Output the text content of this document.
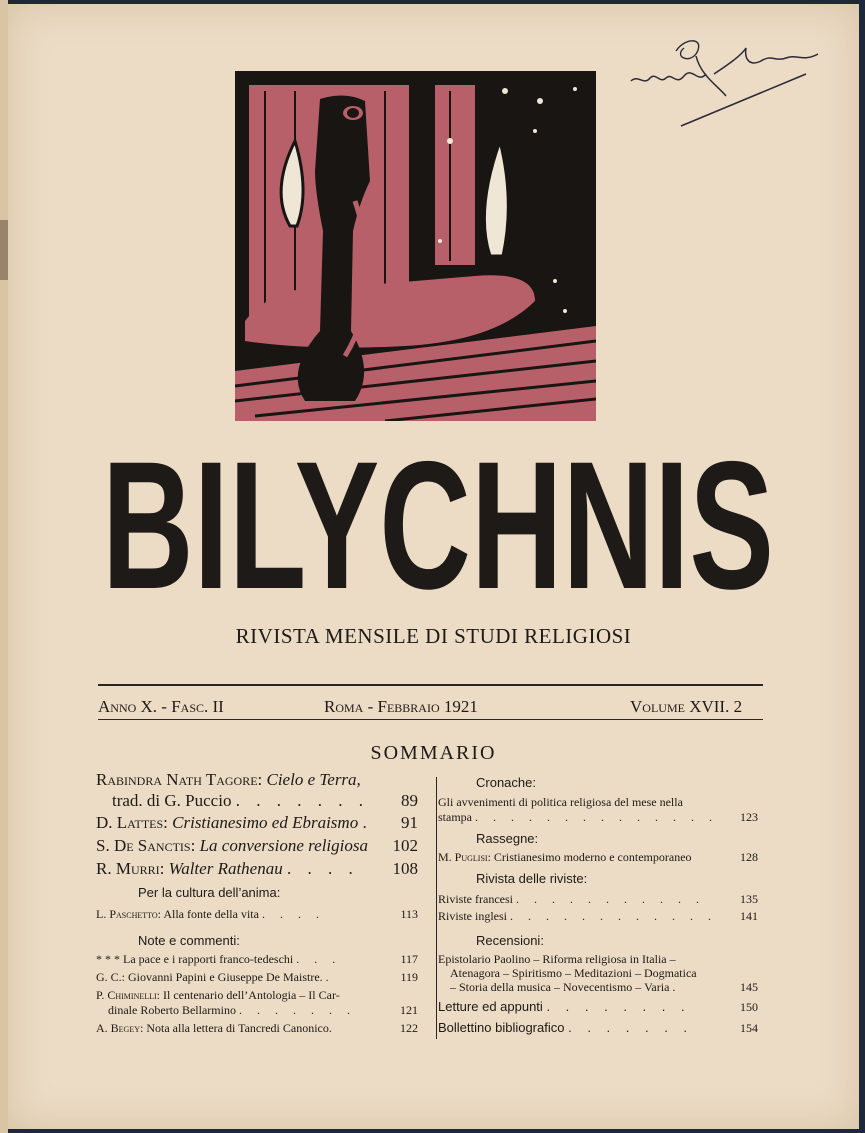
BILYCHNIS
RIVISTA MENSILE DI STUDI RELIGIOSI
Anno X. - Fasc. II	Roma - Febbraio 1921	Volume XVII. 2
SOMMARIO
Rabindra Nath Tagore: Cielo e Terra,
trad. di G. Puccio . . . . . . .	89
D. Lattes: Cristianesimo ed Ebraismo .	91
S. De Sanctis: La conversione religiosa	102
R. Murri: Walter Rathenau . . . .	108
Per la cultura dell’anima:
L. Paschetto: Alla fonte della vita . . . .	113
Note e commenti:
* * * La pace e i rapporti franco-tedeschi . . .	117
G. C.: Giovanni Papini e Giuseppe De Maistre. .	119
P. Chiminelli: Il centenario dell’Antologia – Il Car-
dinale Roberto Bellarmino . . . . . . .	121
A. Begey: Nota alla lettera di Tancredi Canonico.	122
Cronache:
Gli avvenimenti di politica religiosa del mese nella
stampa . . . . . . . . . . . . . .	123
Rassegne:
M. Puglisi: Cristianesimo moderno e contemporaneo	128
Rivista delle riviste:
Riviste francesi . . . . . . . . . . .	135
Riviste inglesi . . . . . . . . . . . .	141
Recensioni:
Epistolario Paolino – Riforma religiosa in Italia –
Atenagora – Spiritismo – Meditazioni – Dogmatica
– Storia della musica – Novecentismo – Varia .	145
Letture ed appunti . . . . . . . .	150
Bollettino bibliografico . . . . . . .	154
